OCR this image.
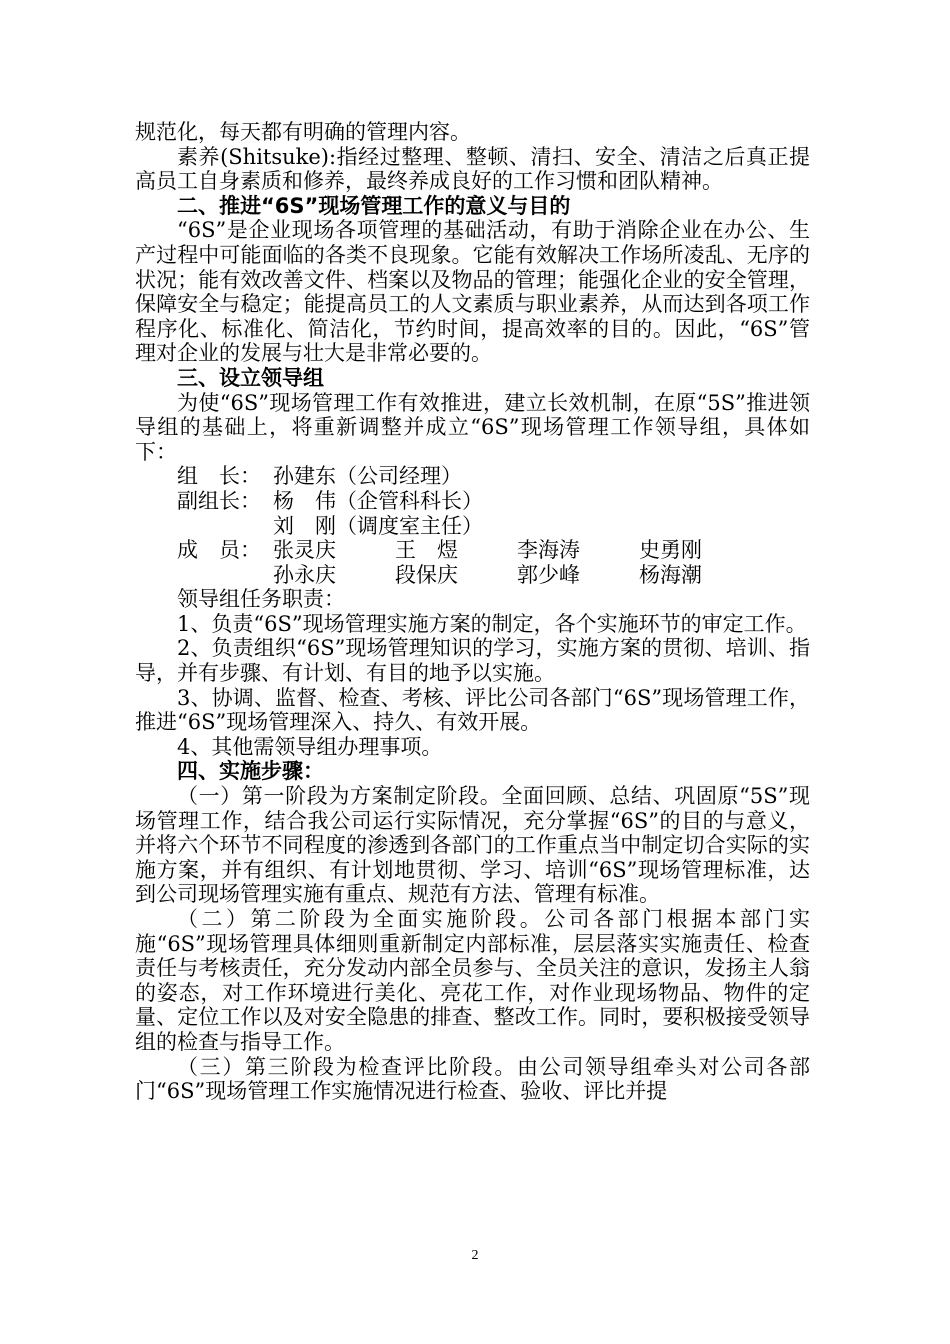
规范化，每天都有明确的管理内容。

素养(Shitsuke):指经过整理、整顿、清扫、安全、清洁之后真正提高员工自身素质和修养，最终养成良好的工作习惯和团队精神。

二、推进“6S”现场管理工作的意义与目的

“6S”是企业现场各项管理的基础活动，有助于消除企业在办公、生产过程中可能面临的各类不良现象。它能有效解决工作场所凌乱、无序的状况；能有效改善文件、档案以及物品的管理；能强化企业的安全管理，保障安全与稳定；能提高员工的人文素质与职业素养，从而达到各项工作程序化、标准化、简洁化，节约时间，提高效率的目的。因此，“6S”管理对企业的发展与壮大是非常必要的。

三、设立领导组

为使“6S”现场管理工作有效推进，建立长效机制，在原“5S”推进领导组的基础上，将重新调整并成立“6S”现场管理工作领导组，具体如下：

组　长： 孙建东（公司经理）
副组长： 杨　伟（企管科科长）
刘　刚（调度室主任）
成　员： 张灵庆	王　煜	李海涛	史勇刚
孙永庆	段保庆	郭少峰	杨海潮

领导组任务职责：

1、负责“6S”现场管理实施方案的制定，各个实施环节的审定工作。

2、负责组织“6S”现场管理知识的学习，实施方案的贯彻、培训、指导，并有步骤、有计划、有目的地予以实施。

3、协调、监督、检查、考核、评比公司各部门“6S”现场管理工作，推进“6S”现场管理深入、持久、有效开展。

4、其他需领导组办理事项。

四、实施步骤：

（一）第一阶段为方案制定阶段。全面回顾、总结、巩固原“5S”现场管理工作，结合我公司运行实际情况，充分掌握“6S”的目的与意义，并将六个环节不同程度的渗透到各部门的工作重点当中制定切合实际的实施方案，并有组织、有计划地贯彻、学习、培训“6S”现场管理标准，达到公司现场管理实施有重点、规范有方法、管理有标准。

（二）第二阶段为全面实施阶段。公司各部门根据本部门实施“6S”现场管理具体细则重新制定内部标准，层层落实实施责任、检查责任与考核责任，充分发动内部全员参与、全员关注的意识，发扬主人翁的姿态，对工作环境进行美化、亮花工作，对作业现场物品、物件的定量、定位工作以及对安全隐患的排查、整改工作。同时，要积极接受领导组的检查与指导工作。

（三）第三阶段为检查评比阶段。由公司领导组牵头对公司各部门“6S”现场管理工作实施情况进行检查、验收、评比并提

2
